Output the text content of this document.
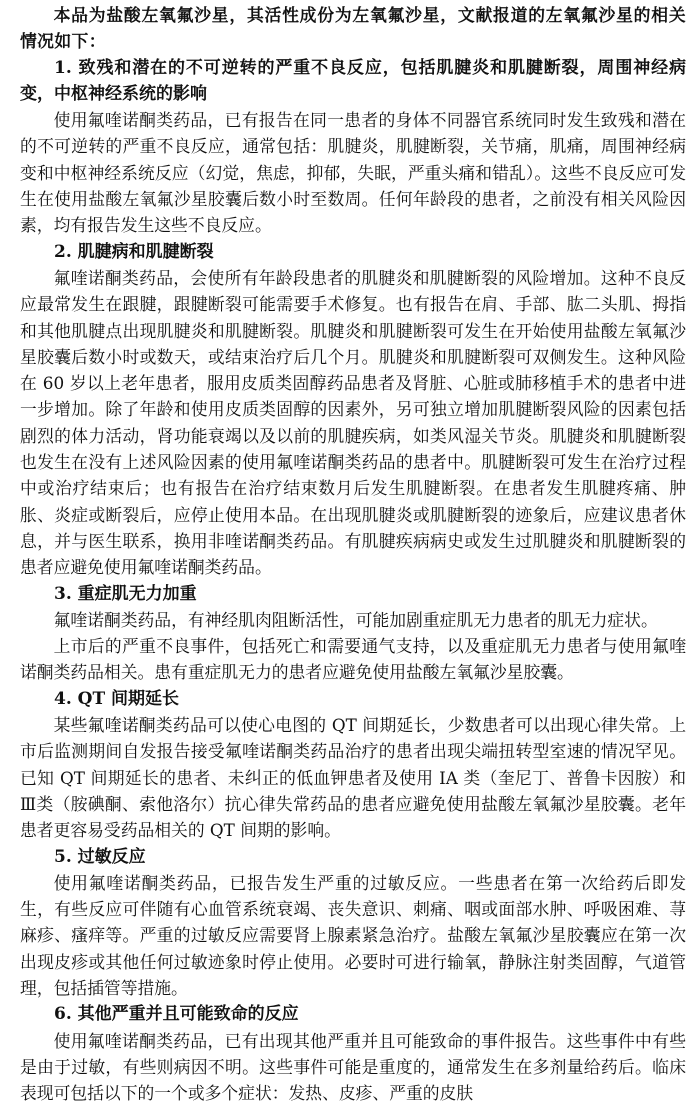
本品为盐酸左氧氟沙星，其活性成份为左氧氟沙星，文献报道的左氧氟沙星的相关情况如下：

1. 致残和潜在的不可逆转的严重不良反应，包括肌腱炎和肌腱断裂，周围神经病变，中枢神经系统的影响

使用氟喹诺酮类药品，已有报告在同一患者的身体不同器官系统同时发生致残和潜在的不可逆转的严重不良反应，通常包括：肌腱炎，肌腱断裂，关节痛，肌痛，周围神经病变和中枢神经系统反应（幻觉，焦虑，抑郁，失眠，严重头痛和错乱）。这些不良反应可发生在使用盐酸左氧氟沙星胶囊后数小时至数周。任何年龄段的患者，之前没有相关风险因素，均有报告发生这些不良反应。

2. 肌腱病和肌腱断裂

氟喹诺酮类药品，会使所有年龄段患者的肌腱炎和肌腱断裂的风险增加。这种不良反应最常发生在跟腱，跟腱断裂可能需要手术修复。也有报告在肩、手部、肱二头肌、拇指和其他肌腱点出现肌腱炎和肌腱断裂。肌腱炎和肌腱断裂可发生在开始使用盐酸左氧氟沙星胶囊后数小时或数天，或结束治疗后几个月。肌腱炎和肌腱断裂可双侧发生。这种风险在 60 岁以上老年患者，服用皮质类固醇药品患者及肾脏、心脏或肺移植手术的患者中进一步增加。除了年龄和使用皮质类固醇的因素外，另可独立增加肌腱断裂风险的因素包括剧烈的体力活动，肾功能衰竭以及以前的肌腱疾病，如类风湿关节炎。肌腱炎和肌腱断裂也发生在没有上述风险因素的使用氟喹诺酮类药品的患者中。肌腱断裂可发生在治疗过程中或治疗结束后；也有报告在治疗结束数月后发生肌腱断裂。在患者发生肌腱疼痛、肿胀、炎症或断裂后，应停止使用本品。在出现肌腱炎或肌腱断裂的迹象后，应建议患者休息，并与医生联系，换用非喹诺酮类药品。有肌腱疾病病史或发生过肌腱炎和肌腱断裂的患者应避免使用氟喹诺酮类药品。

3. 重症肌无力加重

氟喹诺酮类药品，有神经肌肉阻断活性，可能加剧重症肌无力患者的肌无力症状。

上市后的严重不良事件，包括死亡和需要通气支持，以及重症肌无力患者与使用氟喹诺酮类药品相关。患有重症肌无力的患者应避免使用盐酸左氧氟沙星胶囊。

4. QT 间期延长

某些氟喹诺酮类药品可以使心电图的 QT 间期延长，少数患者可以出现心律失常。上市后监测期间自发报告接受氟喹诺酮类药品治疗的患者出现尖端扭转型室速的情况罕见。已知 QT 间期延长的患者、未纠正的低血钾患者及使用 IA 类（奎尼丁、普鲁卡因胺）和Ⅲ类（胺碘酮、索他洛尔）抗心律失常药品的患者应避免使用盐酸左氧氟沙星胶囊。老年患者更容易受药品相关的 QT 间期的影响。

5. 过敏反应

使用氟喹诺酮类药品，已报告发生严重的过敏反应。一些患者在第一次给药后即发生，有些反应可伴随有心血管系统衰竭、丧失意识、刺痛、咽或面部水肿、呼吸困难、荨麻疹、瘙痒等。严重的过敏反应需要肾上腺素紧急治疗。盐酸左氧氟沙星胶囊应在第一次出现皮疹或其他任何过敏迹象时停止使用。必要时可进行输氧，静脉注射类固醇，气道管理，包括插管等措施。

6. 其他严重并且可能致命的反应

使用氟喹诺酮类药品，已有出现其他严重并且可能致命的事件报告。这些事件中有些是由于过敏，有些则病因不明。这些事件可能是重度的，通常发生在多剂量给药后。临床表现可包括以下的一个或多个症状：发热、皮疹、严重的皮肤
